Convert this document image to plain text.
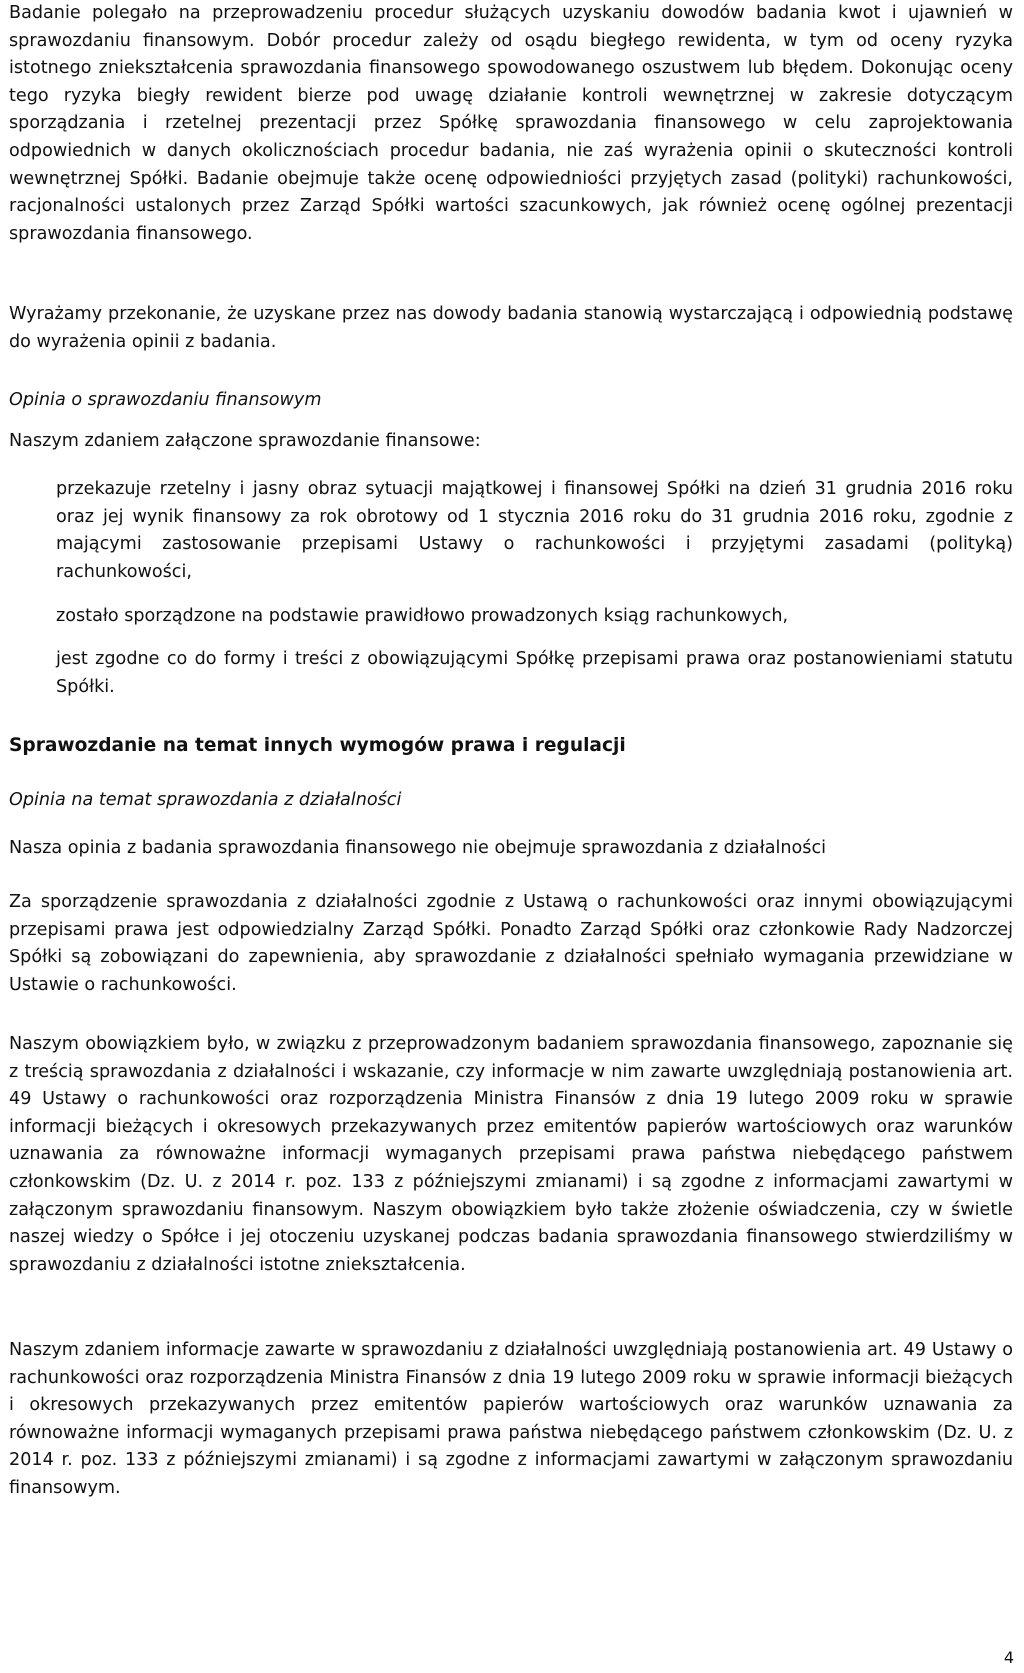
Badanie polegało na przeprowadzeniu procedur służących uzyskaniu dowodów badania kwot i ujawnień w sprawozdaniu finansowym. Dobór procedur zależy od osądu biegłego rewidenta, w tym od oceny ryzyka istotnego zniekształcenia sprawozdania finansowego spowodowanego oszustwem lub błędem. Dokonując oceny tego ryzyka biegły rewident bierze pod uwagę działanie kontroli wewnętrznej w zakresie dotyczącym sporządzania i rzetelnej prezentacji przez Spółkę sprawozdania finansowego w celu zaprojektowania odpowiednich w danych okolicznościach procedur badania, nie zaś wyrażenia opinii o skuteczności kontroli wewnętrznej Spółki. Badanie obejmuje także ocenę odpowiedniości przyjętych zasad (polityki) rachunkowości, racjonalności ustalonych przez Zarząd Spółki wartości szacunkowych, jak również ocenę ogólnej prezentacji sprawozdania finansowego.

Wyrażamy przekonanie, że uzyskane przez nas dowody badania stanowią wystarczającą i odpowiednią podstawę do wyrażenia opinii z badania.

Opinia o sprawozdaniu finansowym

Naszym zdaniem załączone sprawozdanie finansowe:

przekazuje rzetelny i jasny obraz sytuacji majątkowej i finansowej Spółki na dzień 31 grudnia 2016 roku oraz jej wynik finansowy za rok obrotowy od 1 stycznia 2016 roku do 31 grudnia 2016 roku, zgodnie z mającymi zastosowanie przepisami Ustawy o rachunkowości i przyjętymi zasadami (polityką) rachunkowości,

zostało sporządzone na podstawie prawidłowo prowadzonych ksiąg rachunkowych,

jest zgodne co do formy i treści z obowiązującymi Spółkę przepisami prawa oraz postanowieniami statutu Spółki.

Sprawozdanie na temat innych wymogów prawa i regulacji

Opinia na temat sprawozdania z działalności

Nasza opinia z badania sprawozdania finansowego nie obejmuje sprawozdania z działalności

Za sporządzenie sprawozdania z działalności zgodnie z Ustawą o rachunkowości oraz innymi obowiązującymi przepisami prawa jest odpowiedzialny Zarząd Spółki. Ponadto Zarząd Spółki oraz członkowie Rady Nadzorczej Spółki są zobowiązani do zapewnienia, aby sprawozdanie z działalności spełniało wymagania przewidziane w Ustawie o rachunkowości.

Naszym obowiązkiem było, w związku z przeprowadzonym badaniem sprawozdania finansowego, zapoznanie się z treścią sprawozdania z działalności i wskazanie, czy informacje w nim zawarte uwzględniają postanowienia art. 49 Ustawy o rachunkowości oraz rozporządzenia Ministra Finansów z dnia 19 lutego 2009 roku w sprawie informacji bieżących i okresowych przekazywanych przez emitentów papierów wartościowych oraz warunków uznawania za równoważne informacji wymaganych przepisami prawa państwa niebędącego państwem członkowskim (Dz. U. z 2014 r. poz. 133 z późniejszymi zmianami) i są zgodne z informacjami zawartymi w załączonym sprawozdaniu finansowym. Naszym obowiązkiem było także złożenie oświadczenia, czy w świetle naszej wiedzy o Spółce i jej otoczeniu uzyskanej podczas badania sprawozdania finansowego stwierdziliśmy w sprawozdaniu z działalności istotne zniekształcenia.

Naszym zdaniem informacje zawarte w sprawozdaniu z działalności uwzględniają postanowienia art. 49 Ustawy o rachunkowości oraz rozporządzenia Ministra Finansów z dnia 19 lutego 2009 roku w sprawie informacji bieżących i okresowych przekazywanych przez emitentów papierów wartościowych oraz warunków uznawania za równoważne informacji wymaganych przepisami prawa państwa niebędącego państwem członkowskim (Dz. U. z 2014 r. poz. 133 z późniejszymi zmianami) i są zgodne z informacjami zawartymi w załączonym sprawozdaniu finansowym.

4
